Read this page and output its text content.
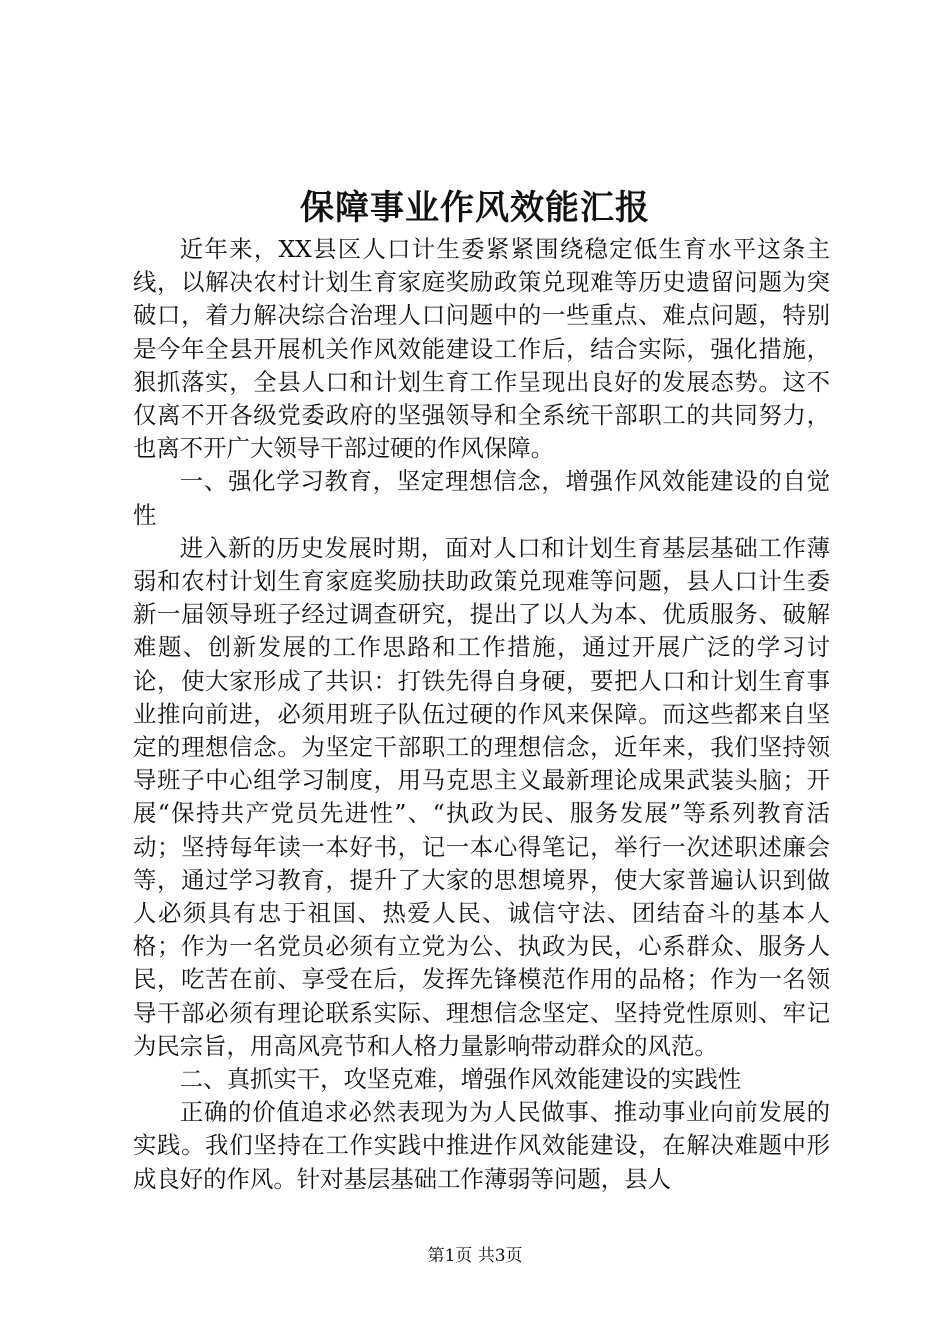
保障事业作风效能汇报

近年来，XX县区人口计生委紧紧围绕稳定低生育水平这条主线，以解决农村计划生育家庭奖励政策兑现难等历史遗留问题为突破口，着力解决综合治理人口问题中的一些重点、难点问题，特别是今年全县开展机关作风效能建设工作后，结合实际，强化措施，狠抓落实，全县人口和计划生育工作呈现出良好的发展态势。这不仅离不开各级党委政府的坚强领导和全系统干部职工的共同努力，也离不开广大领导干部过硬的作风保障。

一、强化学习教育，坚定理想信念，增强作风效能建设的自觉性

进入新的历史发展时期，面对人口和计划生育基层基础工作薄弱和农村计划生育家庭奖励扶助政策兑现难等问题，县人口计生委新一届领导班子经过调查研究，提出了以人为本、优质服务、破解难题、创新发展的工作思路和工作措施，通过开展广泛的学习讨论，使大家形成了共识：打铁先得自身硬，要把人口和计划生育事业推向前进，必须用班子队伍过硬的作风来保障。而这些都来自坚定的理想信念。为坚定干部职工的理想信念，近年来，我们坚持领导班子中心组学习制度，用马克思主义最新理论成果武装头脑；开展“保持共产党员先进性”、“执政为民、服务发展”等系列教育活动；坚持每年读一本好书，记一本心得笔记，举行一次述职述廉会等，通过学习教育，提升了大家的思想境界，使大家普遍认识到做人必须具有忠于祖国、热爱人民、诚信守法、团结奋斗的基本人格；作为一名党员必须有立党为公、执政为民，心系群众、服务人民，吃苦在前、享受在后，发挥先锋模范作用的品格；作为一名领导干部必须有理论联系实际、理想信念坚定、坚持党性原则、牢记为民宗旨，用高风亮节和人格力量影响带动群众的风范。

二、真抓实干，攻坚克难，增强作风效能建设的实践性

正确的价值追求必然表现为为人民做事、推动事业向前发展的实践。我们坚持在工作实践中推进作风效能建设，在解决难题中形成良好的作风。针对基层基础工作薄弱等问题，县人

第1页 共3页
